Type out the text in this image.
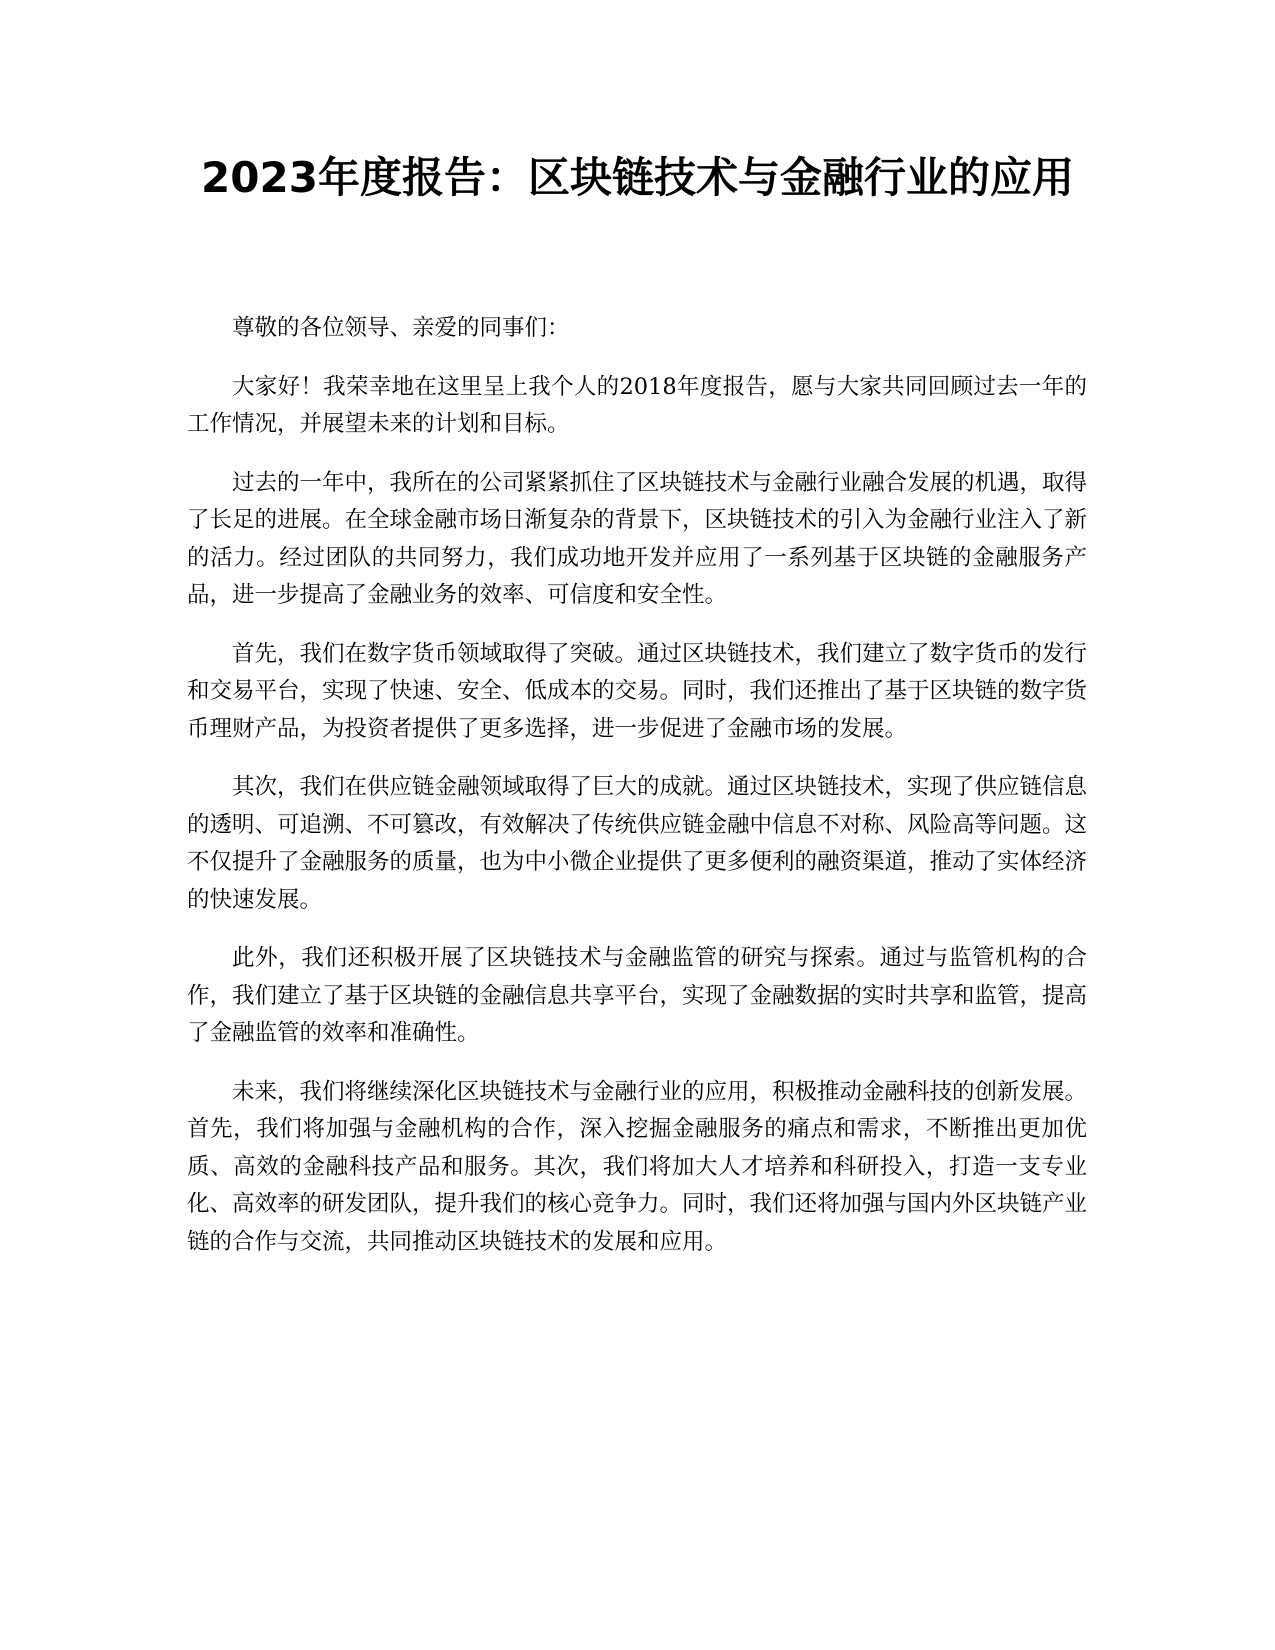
2023年度报告：区块链技术与金融行业的应用

尊敬的各位领导、亲爱的同事们：

大家好！我荣幸地在这里呈上我个人的2018年度报告，愿与大家共同回顾过去一年的工作情况，并展望未来的计划和目标。

过去的一年中，我所在的公司紧紧抓住了区块链技术与金融行业融合发展的机遇，取得了长足的进展。在全球金融市场日渐复杂的背景下，区块链技术的引入为金融行业注入了新的活力。经过团队的共同努力，我们成功地开发并应用了一系列基于区块链的金融服务产品，进一步提高了金融业务的效率、可信度和安全性。

首先，我们在数字货币领域取得了突破。通过区块链技术，我们建立了数字货币的发行和交易平台，实现了快速、安全、低成本的交易。同时，我们还推出了基于区块链的数字货币理财产品，为投资者提供了更多选择，进一步促进了金融市场的发展。

其次，我们在供应链金融领域取得了巨大的成就。通过区块链技术，实现了供应链信息的透明、可追溯、不可篡改，有效解决了传统供应链金融中信息不对称、风险高等问题。这不仅提升了金融服务的质量，也为中小微企业提供了更多便利的融资渠道，推动了实体经济的快速发展。

此外，我们还积极开展了区块链技术与金融监管的研究与探索。通过与监管机构的合作，我们建立了基于区块链的金融信息共享平台，实现了金融数据的实时共享和监管，提高了金融监管的效率和准确性。

未来，我们将继续深化区块链技术与金融行业的应用，积极推动金融科技的创新发展。首先，我们将加强与金融机构的合作，深入挖掘金融服务的痛点和需求，不断推出更加优质、高效的金融科技产品和服务。其次，我们将加大人才培养和科研投入，打造一支专业化、高效率的研发团队，提升我们的核心竞争力。同时，我们还将加强与国内外区块链产业链的合作与交流，共同推动区块链技术的发展和应用。
